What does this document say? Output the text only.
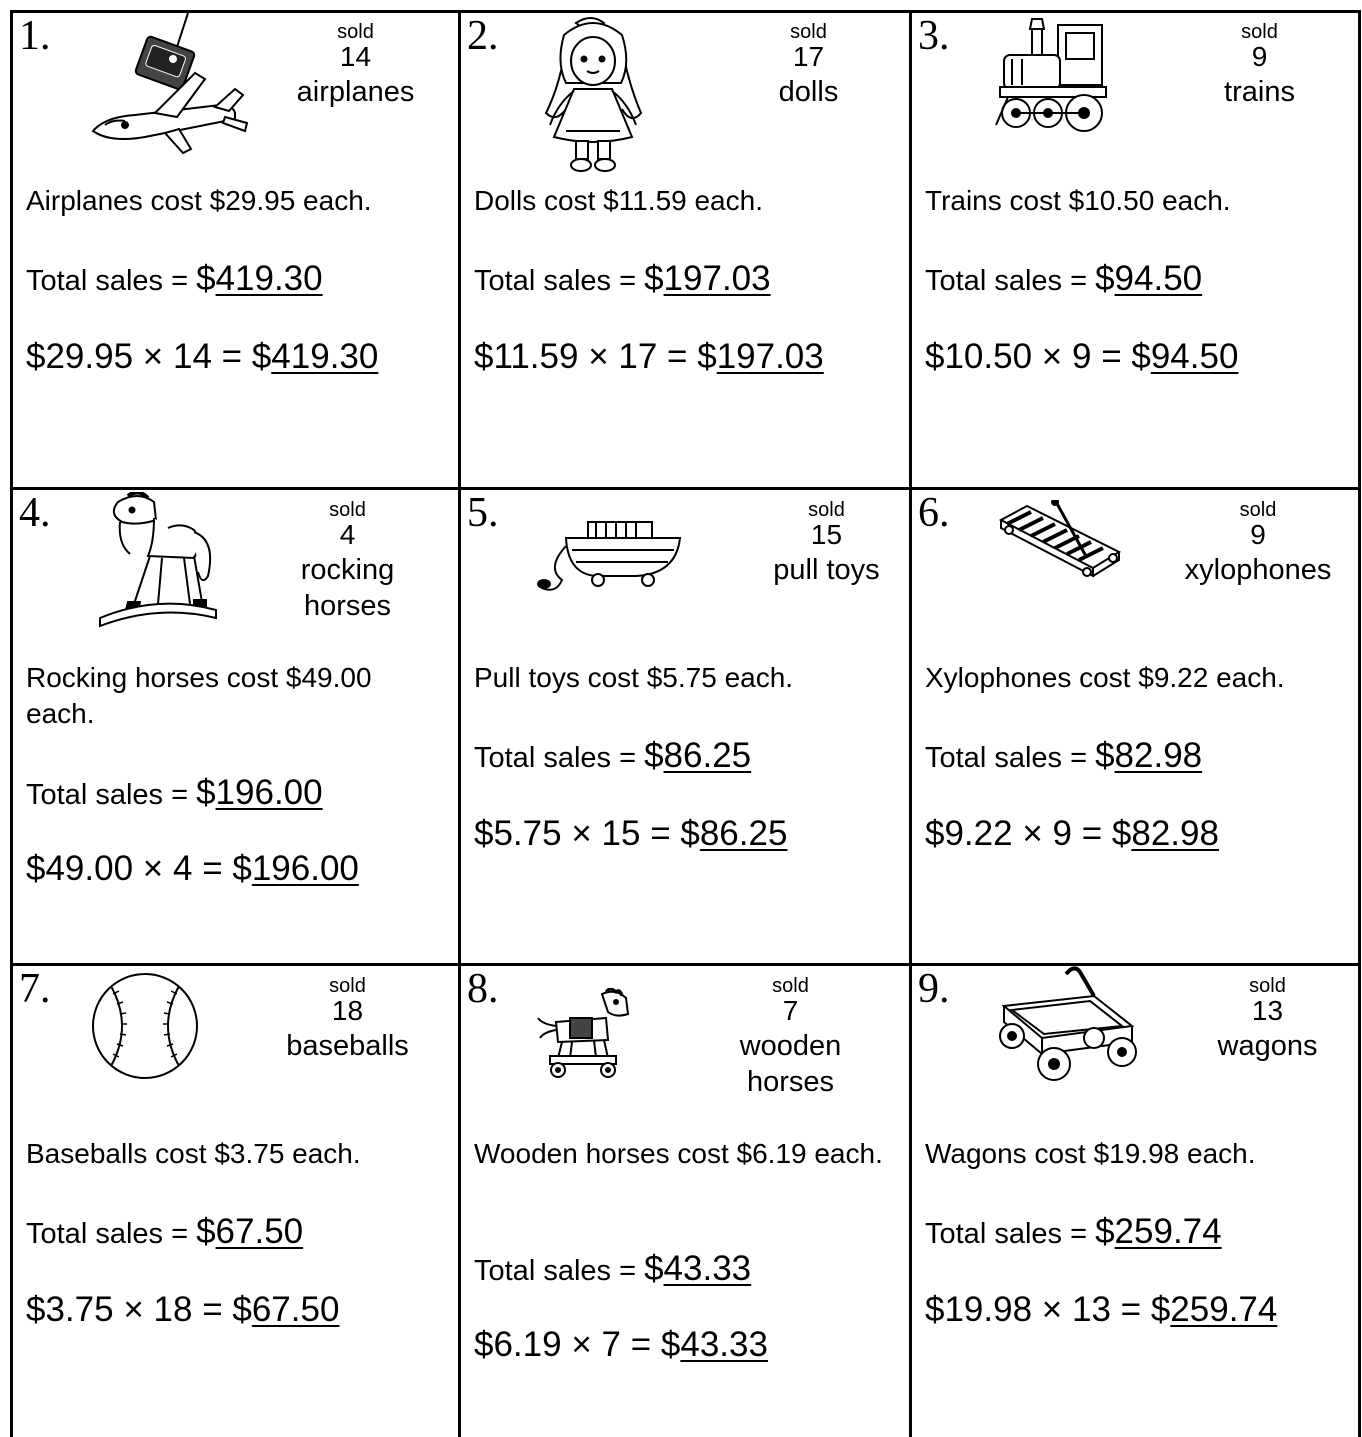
1.	sold
14
airplanes
Airplanes cost $29.95 each.
Total sales = $419.30
$29.95 × 14 = $419.30
2.	sold
17
dolls
Dolls cost $11.59 each.
Total sales = $197.03
$11.59 × 17 = $197.03
3.	sold
9
trains
Trains cost $10.50 each.
Total sales = $94.50
$10.50 × 9 = $94.50
4.	sold
4
rocking
horses
Rocking horses cost $49.00 each.
Total sales = $196.00
$49.00 × 4 = $196.00
5.	sold
15
pull toys
Pull toys cost $5.75 each.
Total sales = $86.25
$5.75 × 15 = $86.25
6.	sold
9
xylophones
Xylophones cost $9.22 each.
Total sales = $82.98
$9.22 × 9 = $82.98
7.	sold
18
baseballs
Baseballs cost $3.75 each.
Total sales = $67.50
$3.75 × 18 = $67.50
8.	sold
7
wooden
horses
Wooden horses cost $6.19 each.
Total sales = $43.33
$6.19 × 7 = $43.33
9.	sold
13
wagons
Wagons cost $19.98 each.
Total sales = $259.74
$19.98 × 13 = $259.74
